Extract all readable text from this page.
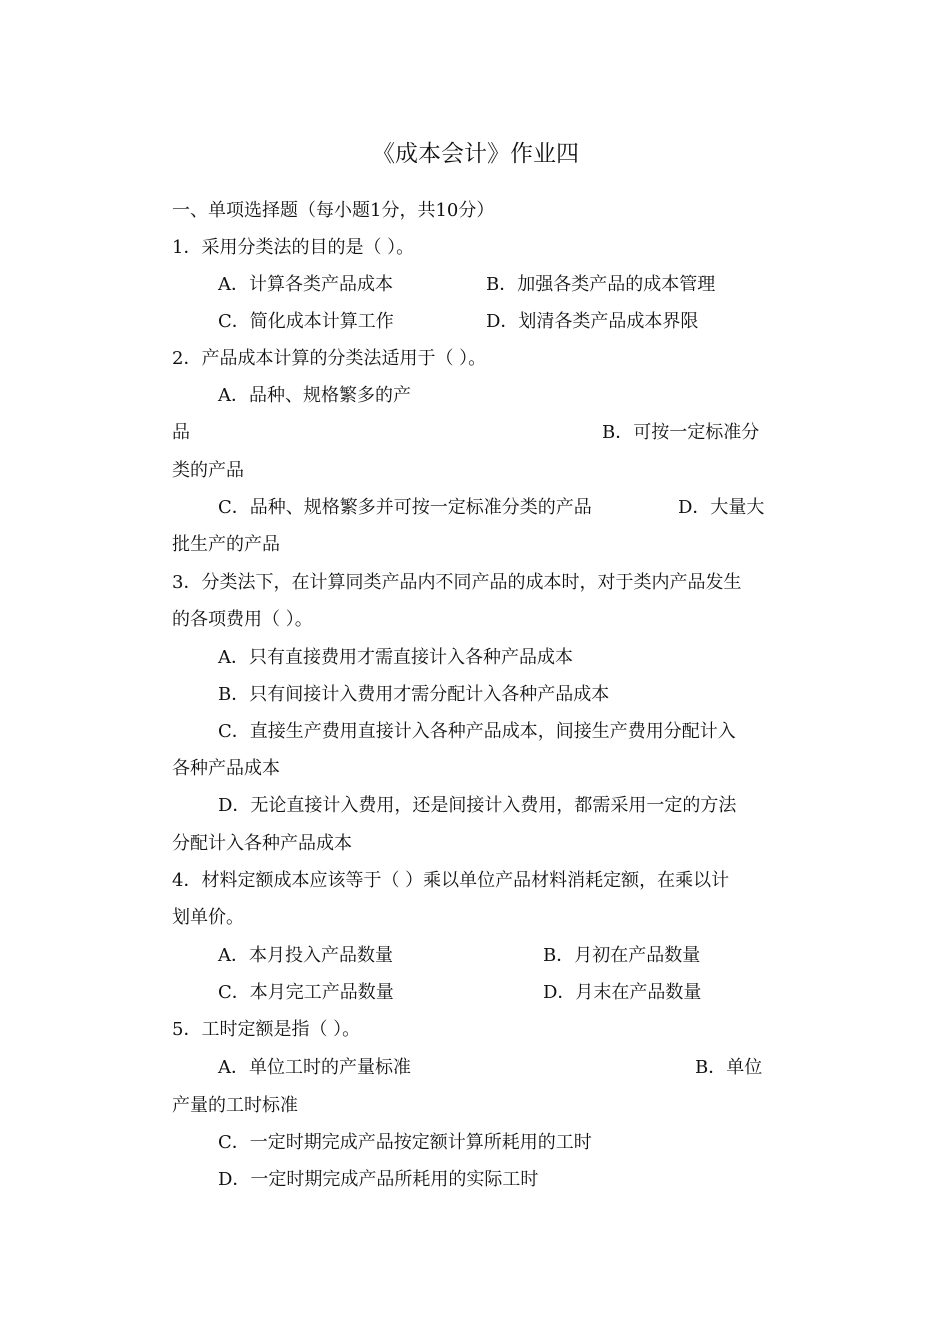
《成本会计》作业四
一、单项选择题（每小题1分，共10分）
1．采用分类法的目的是（ ）。
A．计算各类产品成本	B．加强各类产品的成本管理
C．简化成本计算工作	D．划清各类产品成本界限
2．产品成本计算的分类法适用于（ ）。
A．品种、规格繁多的产
品	B．可按一定标准分
类的产品
C．品种、规格繁多并可按一定标准分类的产品	D．大量大
批生产的产品
3．分类法下，在计算同类产品内不同产品的成本时，对于类内产品发生
的各项费用（ ）。
A．只有直接费用才需直接计入各种产品成本
B．只有间接计入费用才需分配计入各种产品成本
C．直接生产费用直接计入各种产品成本，间接生产费用分配计入
各种产品成本
D．无论直接计入费用，还是间接计入费用，都需采用一定的方法
分配计入各种产品成本
4．材料定额成本应该等于（ ）乘以单位产品材料消耗定额，在乘以计
划单价。
A．本月投入产品数量	B．月初在产品数量
C．本月完工产品数量	D．月末在产品数量
5．工时定额是指（ ）。
A．单位工时的产量标准	B．单位
产量的工时标准
C．一定时期完成产品按定额计算所耗用的工时
D．一定时期完成产品所耗用的实际工时
